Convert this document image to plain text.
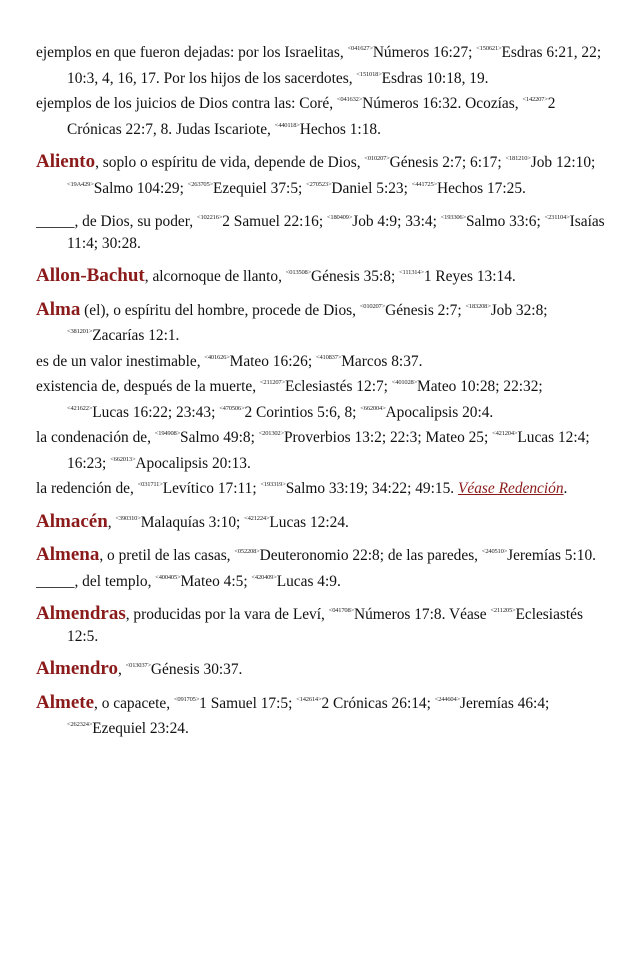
ejemplos en que fueron dejadas: por los Israelitas, $^{<041627>}$Números 16:27; $^{<150621>}$Esdras 6:21, 22; 10:3, 4, 16, 17. Por los hijos de los sacerdotes, $^{<151018>}$Esdras 10:18, 19.

ejemplos de los juicios de Dios contra las: Coré, $^{<041632>}$Números 16:32. Ocozías, $^{<142207>}$2 Crónicas 22:7, 8. Judas Iscariote, $^{<440118>}$Hechos 1:18.

Aliento, soplo o espíritu de vida, depende de Dios, $^{<010207>}$Génesis 2:7; 6:17; $^{<181210>}$Job 12:10; $^{<19A429>}$Salmo 104:29; $^{<263705>}$Ezequiel 37:5; $^{<270523>}$Daniel 5:23; $^{<441725>}$Hechos 17:25.

_____, de Dios, su poder, $^{<102216>}$2 Samuel 22:16; $^{<180409>}$Job 4:9; 33:4; $^{<193306>}$Salmo 33:6; $^{<231104>}$Isaías 11:4; 30:28.

Allon-Bachut, alcornoque de llanto, $^{<013508>}$Génesis 35:8; $^{<111314>}$1 Reyes 13:14.

Alma (el), o espíritu del hombre, procede de Dios, $^{<010207>}$Génesis 2:7; $^{<183208>}$Job 32:8; $^{<381201>}$Zacarías 12:1.

es de un valor inestimable, $^{<401626>}$Mateo 16:26; $^{<410837>}$Marcos 8:37.

existencia de, después de la muerte, $^{<211207>}$Eclesiastés 12:7; $^{<401028>}$Mateo 10:28; 22:32; $^{<421622>}$Lucas 16:22; 23:43; $^{<470506>}$2 Corintios 5:6, 8; $^{<662004>}$Apocalipsis 20:4.

la condenación de, $^{<194908>}$Salmo 49:8; $^{<201302>}$Proverbios 13:2; 22:3; Mateo 25; $^{<421204>}$Lucas 12:4; 16:23; $^{<662013>}$Apocalipsis 20:13.

la redención de, $^{<031711>}$Levítico 17:11; $^{<193319>}$Salmo 33:19; 34:22; 49:15. Véase Redención.

Almacén, $^{<390310>}$Malaquías 3:10; $^{<421224>}$Lucas 12:24.

Almena, o pretil de las casas, $^{<052208>}$Deuteronomio 22:8; de las paredes, $^{<240510>}$Jeremías 5:10.

_____, del templo, $^{<400405>}$Mateo 4:5; $^{<420409>}$Lucas 4:9.

Almendras, producidas por la vara de Leví, $^{<041708>}$Números 17:8. Véase $^{<211205>}$Eclesiastés 12:5.

Almendro, $^{<013037>}$Génesis 30:37.

Almete, o capacete, $^{<091705>}$1 Samuel 17:5; $^{<142614>}$2 Crónicas 26:14; $^{<244604>}$Jeremías 46:4; $^{<262324>}$Ezequiel 23:24.
